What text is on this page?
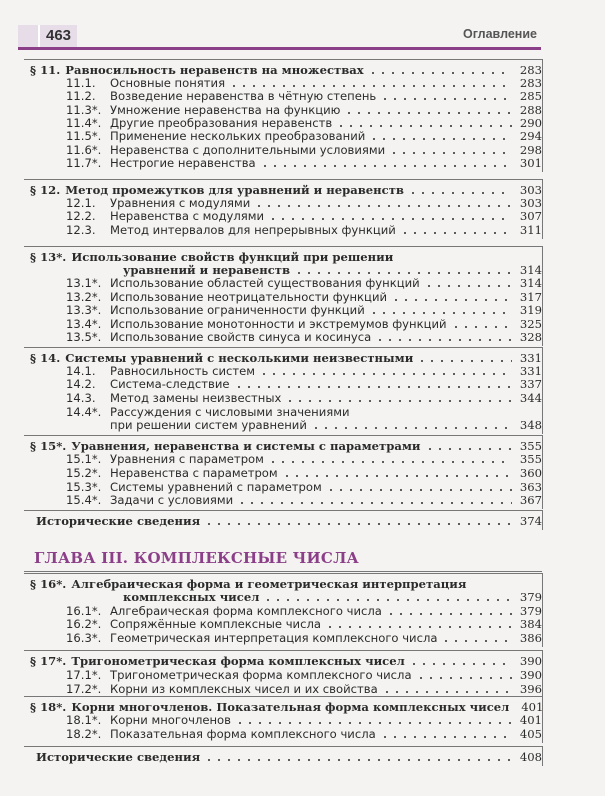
463	Оглавление
ГЛАВА III. КОМПЛЕКСНЫЕ ЧИСЛА
§ 11. Равносильность неравенств на множествах	283
11.1. Основные понятия	283
11.2. Возведение неравенства в чётную степень	285
11.3*. Умножение неравенства на функцию	288
11.4*. Другие преобразования неравенств	290
11.5*. Применение нескольких преобразований	294
11.6*. Неравенства с дополнительными условиями	298
11.7*. Нестрогие неравенства	301
§ 12. Метод промежутков для уравнений и неравенств	303
12.1. Уравнения с модулями	303
12.2. Неравенства с модулями	307
12.3. Метод интервалов для непрерывных функций	311
§ 13*. Использование свойств функций при решении
уравнений и неравенств	314
13.1*. Использование областей существования функций	314
13.2*. Использование неотрицательности функций	317
13.3*. Использование ограниченности функций	319
13.4*. Использование монотонности и экстремумов функций	325
13.5*. Использование свойств синуса и косинуса	328
§ 14. Системы уравнений с несколькими неизвестными	331
14.1. Равносильность систем	331
14.2. Система-следствие	337
14.3. Метод замены неизвестных	344
14.4*. Рассуждения с числовыми значениями
при решении систем уравнений	348
§ 15*. Уравнения, неравенства и системы с параметрами	355
15.1*. Уравнения с параметром	355
15.2*. Неравенства с параметром	360
15.3*. Системы уравнений с параметром	363
15.4*. Задачи с условиями	367
Исторические сведения	374
§ 16*. Алгебраическая форма и геометрическая интерпретация
комплексных чисел	379
16.1*. Алгебраическая форма комплексного числа	379
16.2*. Сопряжённые комплексные числа	384
16.3*. Геометрическая интерпретация комплексного числа	386
§ 17*. Тригонометрическая форма комплексных чисел	390
17.1*. Тригонометрическая форма комплексного числа	390
17.2*. Корни из комплексных чисел и их свойства	396
§ 18*. Корни многочленов. Показательная форма комплексных чисел	401
18.1*. Корни многочленов	401
18.2*. Показательная форма комплексного числа	405
Исторические сведения	408
